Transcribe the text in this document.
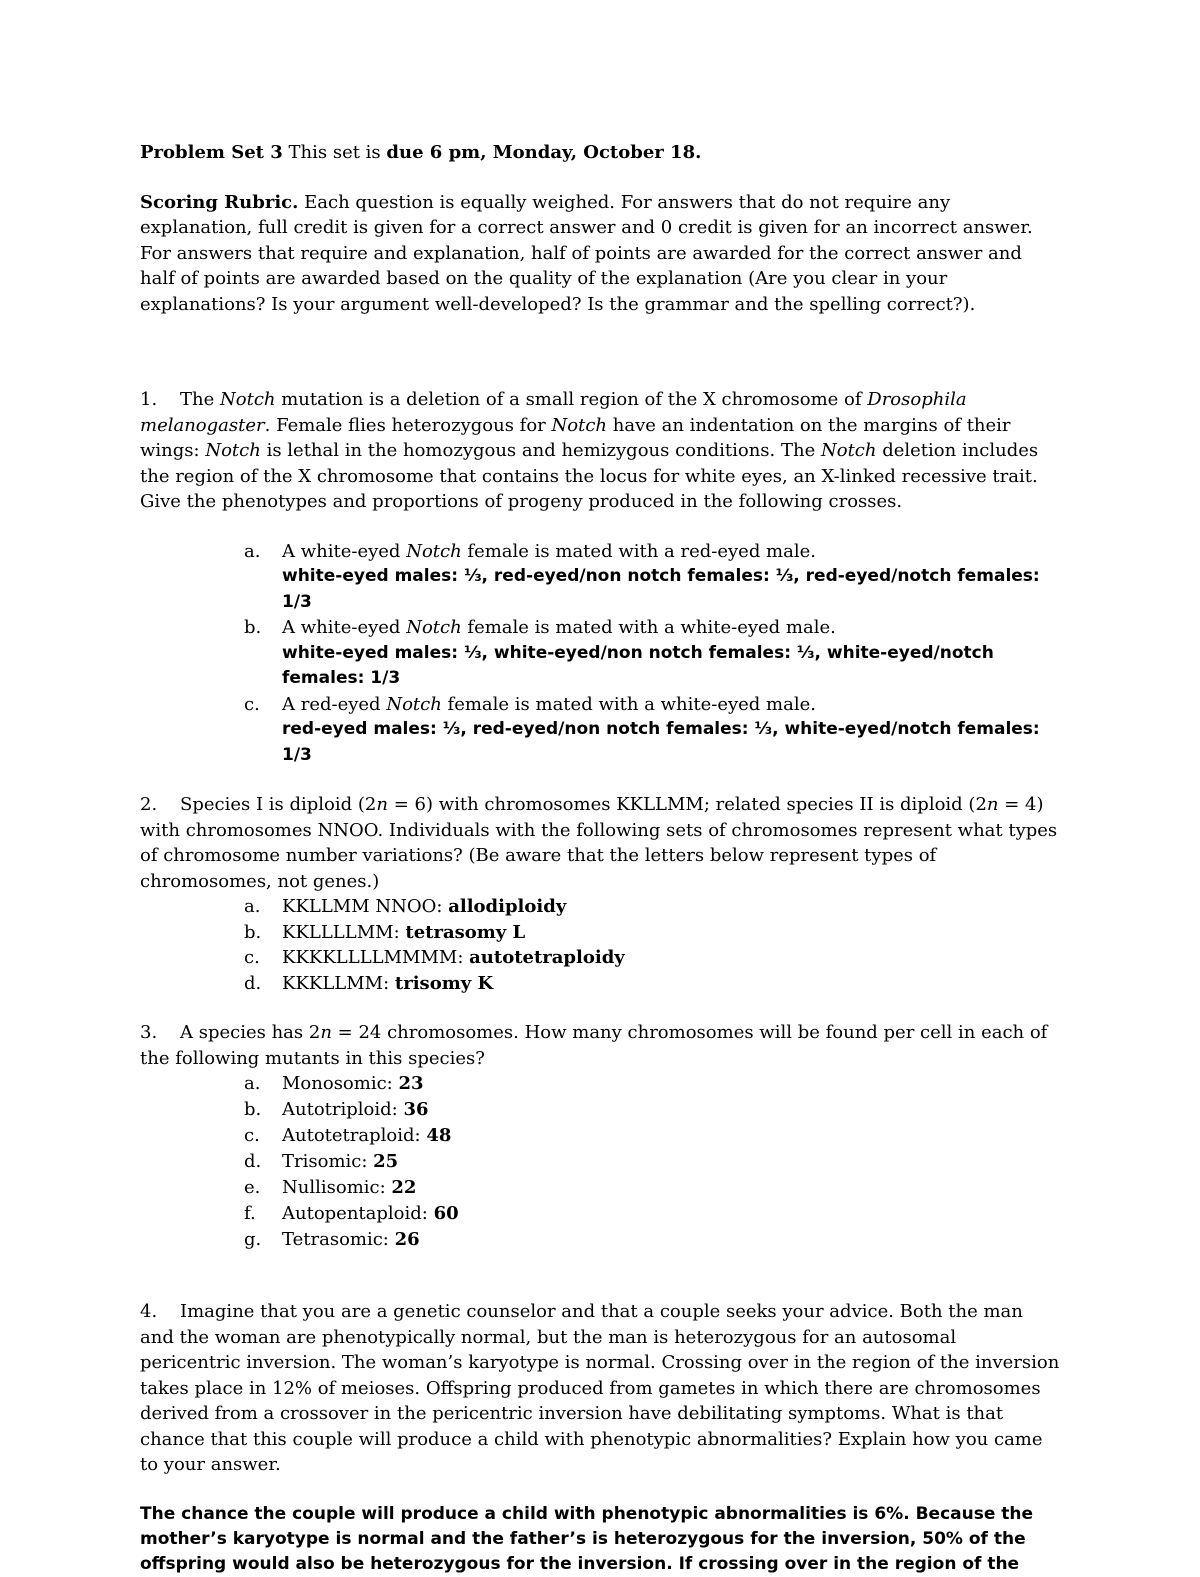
Problem Set 3 This set is due 6 pm, Monday, October 18.

Scoring Rubric. Each question is equally weighed. For answers that do not require any explanation, full credit is given for a correct answer and 0 credit is given for an incorrect answer. For answers that require and explanation, half of points are awarded for the correct answer and half of points are awarded based on the quality of the explanation (Are you clear in your explanations? Is your argument well-developed? Is the grammar and the spelling correct?).

1. The Notch mutation is a deletion of a small region of the X chromosome of Drosophila melanogaster. Female flies heterozygous for Notch have an indentation on the margins of their wings: Notch is lethal in the homozygous and hemizygous conditions. The Notch deletion includes the region of the X chromosome that contains the locus for white eyes, an X-linked recessive trait. Give the phenotypes and proportions of progeny produced in the following crosses.

a. A white-eyed Notch female is mated with a red-eyed male.
white-eyed males: ⅓, red-eyed/non notch females: ⅓, red-eyed/notch females: 1/3
b. A white-eyed Notch female is mated with a white-eyed male.
white-eyed males: ⅓, white-eyed/non notch females: ⅓, white-eyed/notch females: 1/3
c. A red-eyed Notch female is mated with a white-eyed male.
red-eyed males: ⅓, red-eyed/non notch females: ⅓, white-eyed/notch females: 1/3

2. Species I is diploid (2n = 6) with chromosomes KKLLMM; related species II is diploid (2n = 4) with chromosomes NNOO. Individuals with the following sets of chromosomes represent what types of chromosome number variations? (Be aware that the letters below represent types of chromosomes, not genes.)

a. KKLLMM NNOO: allodiploidy
b. KKLLLLMM: tetrasomy L
c. KKKKLLLLMMMM: autotetraploidy
d. KKKLLMM: trisomy K

3. A species has 2n = 24 chromosomes. How many chromosomes will be found per cell in each of the following mutants in this species?

a. Monosomic: 23
b. Autotriploid: 36
c. Autotetraploid: 48
d. Trisomic: 25
e. Nullisomic: 22
f. Autopentaploid: 60
g. Tetrasomic: 26

4. Imagine that you are a genetic counselor and that a couple seeks your advice. Both the man and the woman are phenotypically normal, but the man is heterozygous for an autosomal pericentric inversion. The woman’s karyotype is normal. Crossing over in the region of the inversion takes place in 12% of meioses. Offspring produced from gametes in which there are chromosomes derived from a crossover in the pericentric inversion have debilitating symptoms. What is that chance that this couple will produce a child with phenotypic abnormalities? Explain how you came to your answer.

The chance the couple will produce a child with phenotypic abnormalities is 6%. Because the mother’s karyotype is normal and the father’s is heterozygous for the inversion, 50% of the offspring would also be heterozygous for the inversion. If crossing over in the region of the
